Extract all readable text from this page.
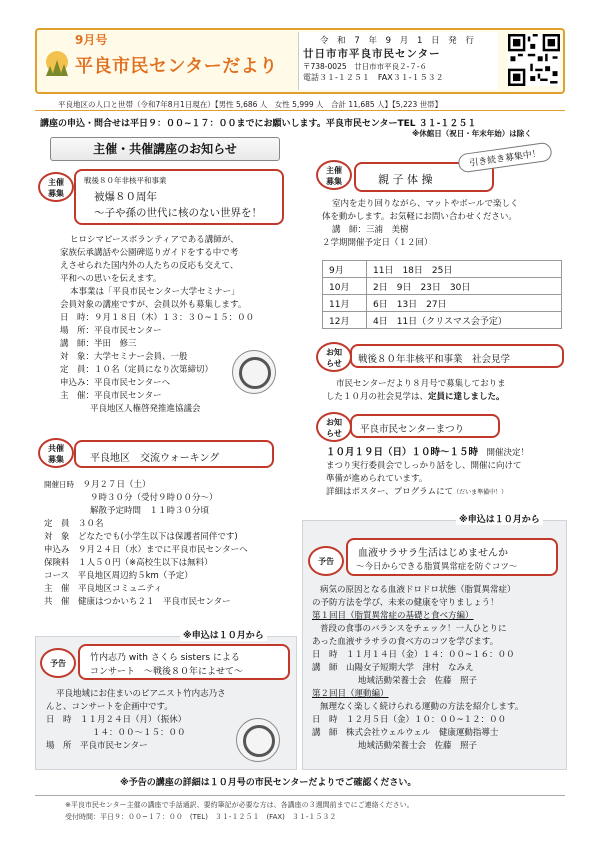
9月号
平良市民センターだより
令 和 7 年 9 月 1 日 発 行
廿日市市平良市民センター
〒738-0025　廿日市市平良２-７-６
電話３１-１２５１　FAX３１-１５３２
平良地区の人口と世帯（令和7年8月1日現在）【男性 5,686 人　女性 5,999 人　合計 11,685 人】【5,223 世帯】
講座の申込・問合せは平日９：００~１７：００までにお願いします。平良市民センターTEL ３１-１２５１
※休館日（祝日・年末年始）は除く
主催・共催講座のお知らせ
主催
募集
戦後８０年非核平和事業
被爆８０周年
～子や孫の世代に核のない世界を！
ヒロシマピースボランティアである講師が、
家族伝承講話や公園碑巡りガイドをする中で考
えさせられた国内外の人たちの反応も交えて、
平和への思いを伝えます。
本事業は「平良市民センター大学セミナー」
会員対象の講座ですが、会員以外も募集します。
日　時：９月１８日（木）１３：３０~１５：００
場　所：平良市民センター
講　師：半田　修三
対　象：大学セミナー会員、一般
定　員：１０名（定員になり次第締切）
申込み：平良市民センターへ
主　催：平良市民センター
平良地区人権啓発推進協議会
共催
募集	平良地区　交流ウォーキング
開催日時　 ９月２７日（土）
９時３０分（受付９時００分～）
解散予定時間　１１時３０分頃
定　員　３０名
対　象　どなたでも(小学生以下は保護者同伴です)
申込み　９月２４日（水）までに平良市民センターへ
保険料　１人５０円（※高校生以下は無料）
コース　平良地区周辺約５km（予定）
主　催　平良地区コミュニティ
共　催　健康はつかいち２１　平良市民センター
※申込は１０月から
予告
竹内志乃 with さくら sisters による
コンサート　～戦後８０年によせて～
平良地域にお住まいのピアニスト竹内志乃さ
んと、コンサートを企画中です。
日　時　１１月２４日（月）（振休）
１４：００～１５：００
場　所　平良市民センター
主催
募集	親 子 体 操
引き続き募集中！
室内を走り回りながら、マットやボールで楽しく
体を動かします。お気軽にお問い合わせください。
講　師：三浦　美樹
２学期開催予定日（１２回）
9月	11日　18日　25日
10月	2日　9日　23日　30日
11月	6日　13日　27日
12月	4日　11日（クリスマス会予定）
お知
らせ	戦後８０年非核平和事業　社会見学
市民センターだより８月号で募集しておりま
した１０月の社会見学は、定員に達しました。
お知
らせ	平良市民センターまつり
１０月１９日（日）１０時～１５時　 開催決定！
まつり実行委員会でしっかり話をし、開催に向けて
準備が進められています。
詳細はポスター、プログラムにて（だいま準備中！）
※申込は１０月から
予告
血液サラサラ生活はじめませんか
～今日からできる脂質異常症を防ぐコツ～
病気の原因となる血液ドロドロ状態（脂質異常症）
の予防方法を学び、未来の健康を守りましょう！
第１回目（脂質異常症の基礎と食べ方編）
普段の食事のバランスをチェック！一人ひとりに
あった血液サラサラの食べ方のコツを学びます。
日　時　１１月１４日（金）１４：００~１６：００
講　師　山陽女子短期大学　津村　なみえ
地域活動栄養士会　佐藤　照子
第２回目（運動編）
無理なく楽しく続けられる運動の方法を紹介します。
日　時　１２月５日（金）１０：００~１２：００
講　師　株式会社ウェルウェル　健康運動指導士
地域活動栄養士会　佐藤　照子
※予告の講座の詳細は１０月号の市民センターだよりでご確認ください。
※平良市民センター主催の講座で手話通訳、要約筆記が必要な方は、各講座の３週間前までにご連絡ください。
受付時間：平日９：００~１７：００　(TEL)　３１-１２５１　(FAX)　３１-１５３２
